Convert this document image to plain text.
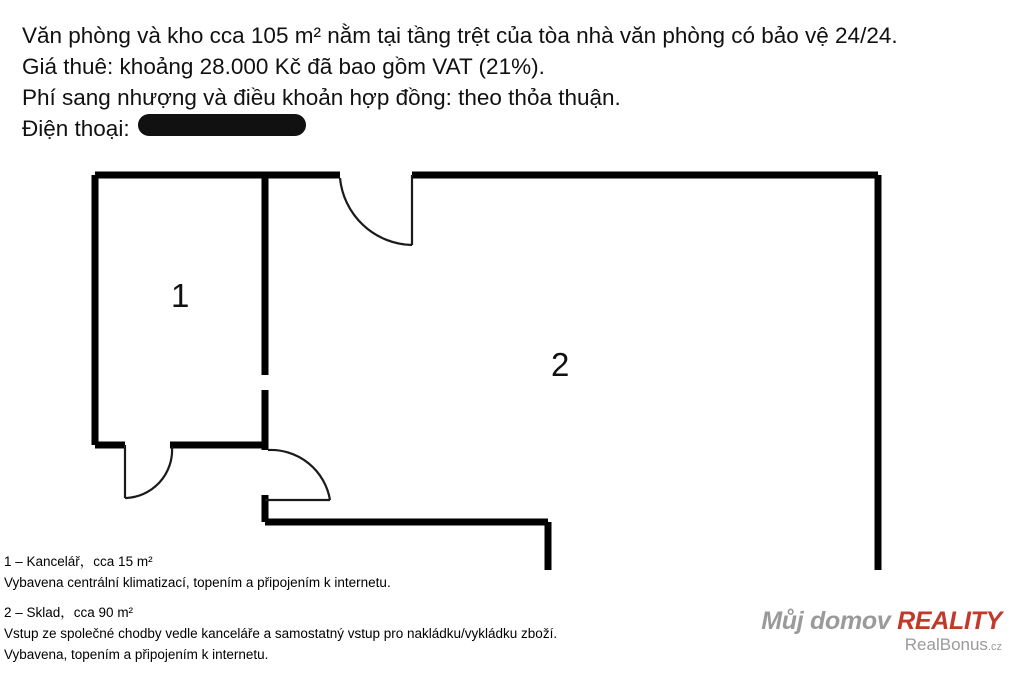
Văn phòng và kho cca 105 m² nằm tại tầng trệt của tòa nhà văn phòng có bảo vệ 24/24.
Giá thuê: khoảng 28.000 Kč đã bao gồm VAT (21%).
Phí sang nhượng và điều khoản hợp đồng: theo thỏa thuận.
Điện thoại:
1
2
1 – Kancelář，cca 15 m²
Vybavena centrální klimatizací, topením a připojením k internetu.
2 – Sklad，cca 90 m²
Vstup ze společné chodby vedle kanceláře a samostatný vstup pro nakládku/vykládku zboží.
Vybavena, topením a připojením k internetu.
Můj domov REALITY
RealBonus.cz
